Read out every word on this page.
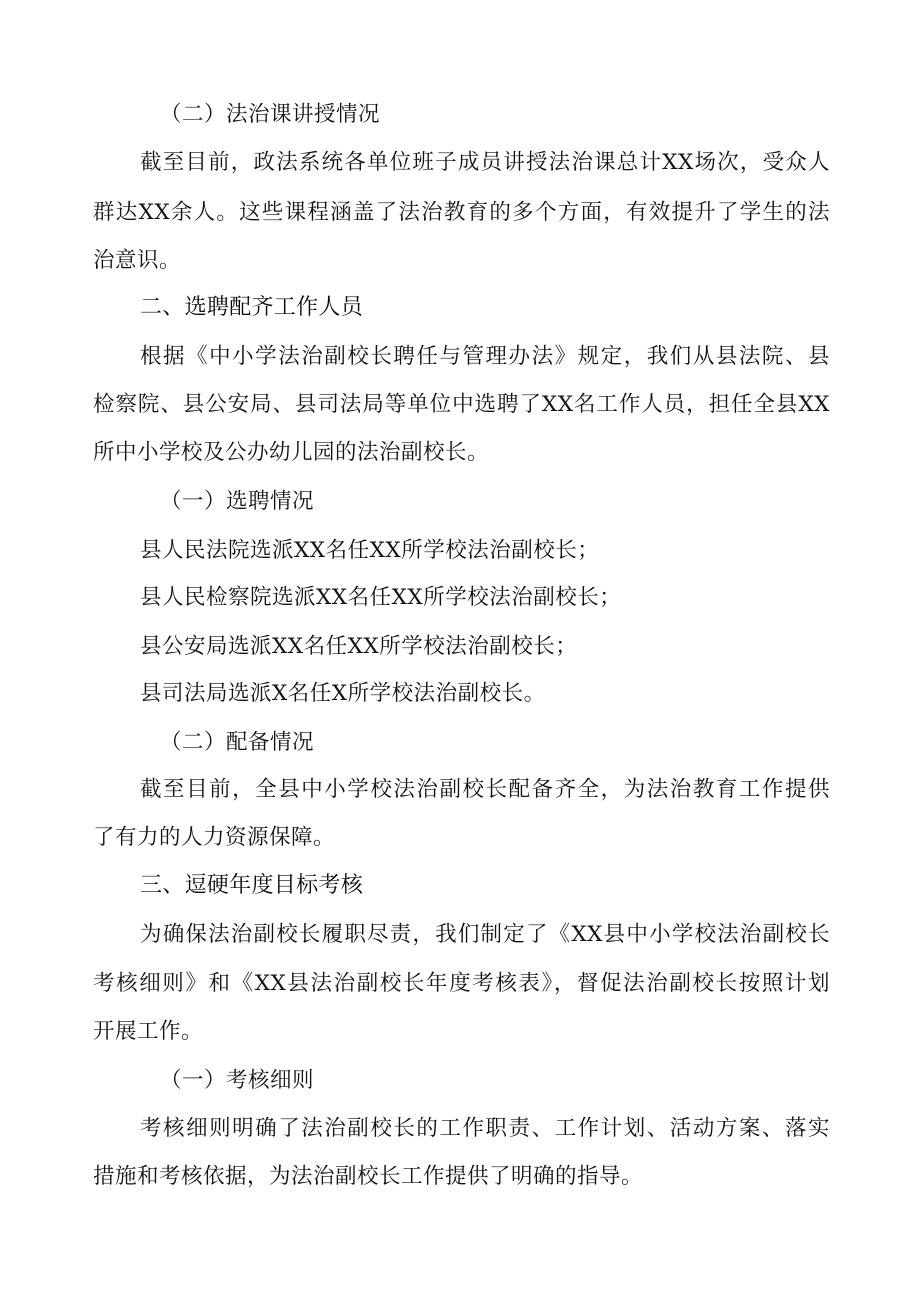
（二）法治课讲授情况
截至目前，政法系统各单位班子成员讲授法治课总计XX场次，受众人
群达XX余人。这些课程涵盖了法治教育的多个方面，有效提升了学生的法
治意识。
二、选聘配齐工作人员
根据《中小学法治副校长聘任与管理办法》规定，我们从县法院、县
检察院、县公安局、县司法局等单位中选聘了XX名工作人员，担任全县XX
所中小学校及公办幼儿园的法治副校长。
（一）选聘情况
县人民法院选派XX名任XX所学校法治副校长；
县人民检察院选派XX名任XX所学校法治副校长；
县公安局选派XX名任XX所学校法治副校长；
县司法局选派X名任X所学校法治副校长。
（二）配备情况
截至目前，全县中小学校法治副校长配备齐全，为法治教育工作提供
了有力的人力资源保障。
三、逗硬年度目标考核
为确保法治副校长履职尽责，我们制定了《XX县中小学校法治副校长
考核细则》和《XX县法治副校长年度考核表》，督促法治副校长按照计划
开展工作。
（一）考核细则
考核细则明确了法治副校长的工作职责、工作计划、活动方案、落实
措施和考核依据，为法治副校长工作提供了明确的指导。
